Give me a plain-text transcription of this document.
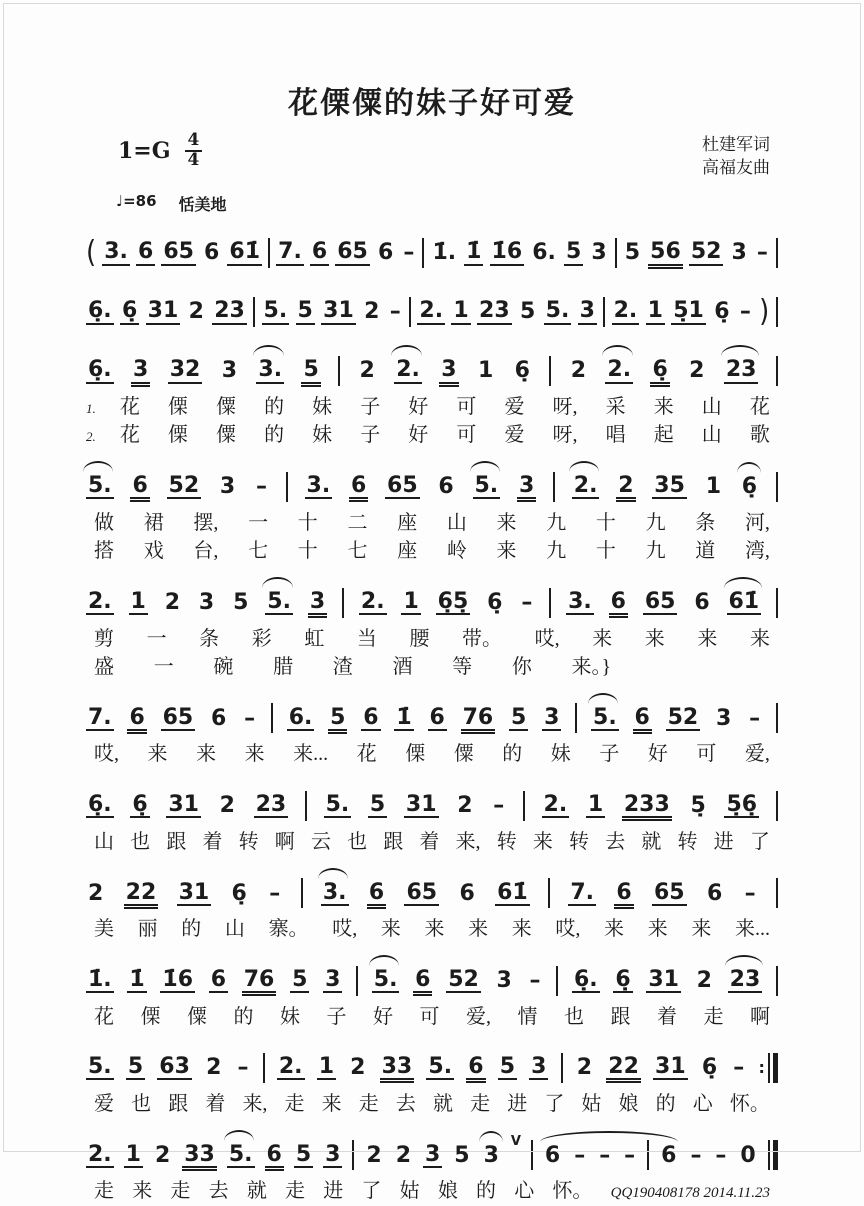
花傈僳的妹子好可爱
$1=G \frac{4}{4}$	杜建军词
高福友曲
♩=86 恬美地
( 3. 6 65 6 61̇ 7. 6 65 6 – 1̇. 1̇ 1̇6 6. 5 3 5 56 52 3 –
6̣. 6̣ 31 2 23 5. 5 31 2 – 2. 1 23 5 5. 3 2. 1 5̣1 6̣ – )
6̣. 3 32 3 3. 5 2 2. 3 1 6̣ 2 2. 6̣ 2 23
1. 花 傈 僳 的 妹 子 好 可 爱 呀, 采 来 山 花
2. 花 傈 僳 的 妹 子 好 可 爱 呀, 唱 起 山 歌
5. 6 52 3 – 3. 6 65 6 5. 3 2. 2 35 1 6̣
做 裙 摆, 一 十 二 座 山 来 九 十 九 条 河,
搭 戏 台, 七 十 七 座 岭 来 九 十 九 道 湾,
2. 1 2 3 5 5. 3 2. 1 6̣5̣ 6̣ – 3. 6 65 6 61̇
剪 一 条 彩 虹 当 腰 带。 哎, 来 来 来 来
盛 一 碗 腊 渣 酒 等 你 来。}
7. 6 65 6 – 6. 5 6 1̇ 6 76 5 3 5. 6 52 3 –
哎, 来 来 来 来... 花 傈 僳 的 妹 子 好 可 爱,
6̣. 6̣ 31 2 23 5. 5 31 2 – 2. 1 233 5̣ 5̣6̣
山 也 跟 着 转 啊 云 也 跟 着 来, 转 来 转 去 就 转 进 了
2 22 31 6̣ – 3. 6 65 6 61̇ 7. 6 65 6 –
美 丽 的 山 寨。 哎, 来 来 来 来 哎, 来 来 来 来...
1̇. 1̇ 1̇6 6 76 5 3 5. 6 52 3 – 6̣. 6̣ 31 2 23
花 傈 僳 的 妹 子 好 可 爱, 情 也 跟 着 走 啊
5. 5 63 2 – 2. 1 2 33 5. 6 5 3 2 22 31 6̣ – :
爱 也 跟 着 来, 走 来 走 去 就 走 进 了 姑 娘 的 心 怀。
2. 1 2 33 5. 6 5 3 2 2 3 5 3
V
6 – – – 6 – – 0
走 来 走 去 就 走 进 了 姑 娘 的 心 怀。 QQ190408178 2014.11.23
